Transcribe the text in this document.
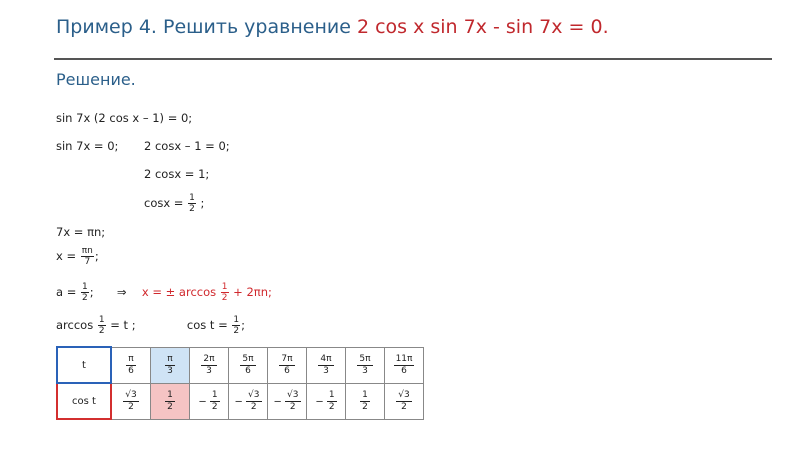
Пример 4. Решить уравнение 2 cos x sin 7x - sin 7x = 0.
Решение.
sin 7x (2 cos x – 1) = 0;
sin 7x = 0; 2 cosx – 1 = 0;
2 cosx = 1;
$\cos x = \frac{1}{2}$ ;
7x = πn;
$x = \frac{\pi n}{7}$ ;
$a = \frac{1}{2}$ ; ⇒ x = ± $\arccos \frac{1}{2} + 2\pi n$;
$\arccos \frac{1}{2} = t$ ;	$\cos t = \frac{1}{2}$ ;
t	$\frac{\pi}{6}$	$\frac{\pi}{3}$	$\frac{2\pi}{3}$	$\frac{5\pi}{6}$	$\frac{7\pi}{6}$	$\frac{4\pi}{3}$	$\frac{5\pi}{3}$	$\frac{11\pi}{6}$

cos t	$\frac{√3}{2}$	$\frac{1}{2}$	− $\frac{1}{2}$	− $\frac{√3}{2}$	− $\frac{√3}{2}$	− $\frac{1}{2}$	$\frac{1}{2}$	$\frac{√3}{2}$
